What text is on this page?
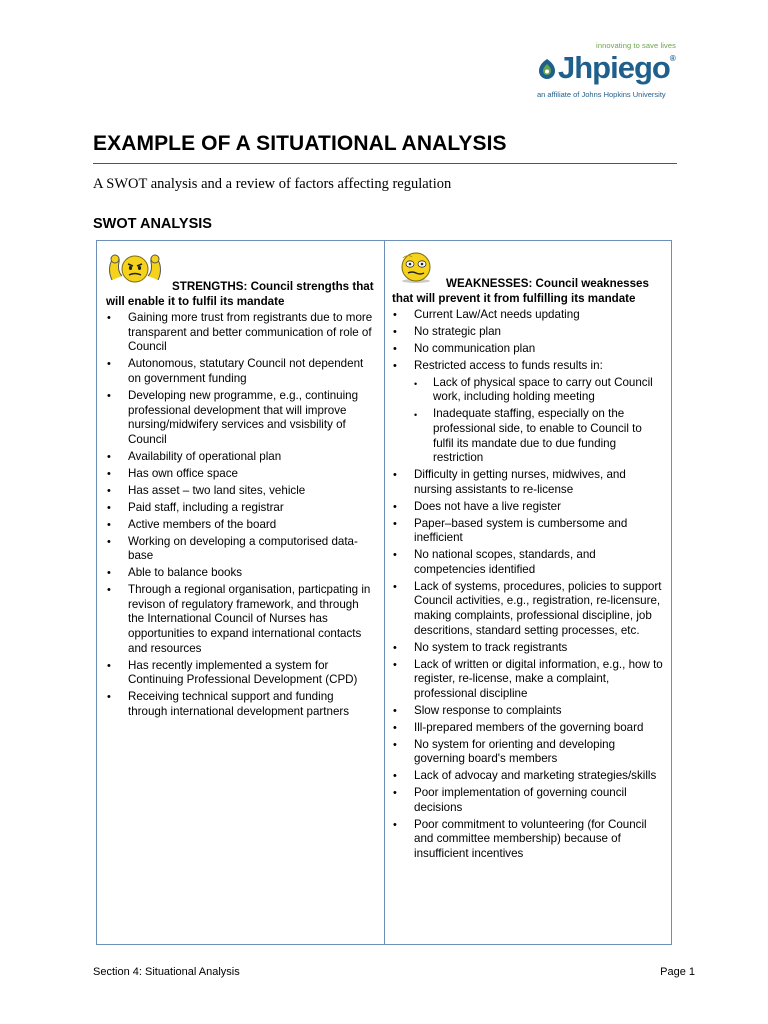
innovating to save lives
Jhpiego®
an affiliate of Johns Hopkins University
EXAMPLE OF A SITUATIONAL ANALYSIS
A SWOT analysis and a review of factors affecting regulation
SWOT ANALYSIS

STRENGTHS: Council strengths that will enable it to fulfil its mandate

• Gaining more trust from registrants due to more transparent and better communication of role of Council
• Autonomous, statutary Council not dependent on government funding
• Developing new programme, e.g., continuing professional development that will improve nursing/midwifery services and vsisbility of Council
• Availability of operational plan
• Has own office space
• Has asset – two land sites, vehicle
• Paid staff, including a registrar
• Active members of the board
• Working on developing a computorised data-base
• Able to balance books
• Through a regional organisation, particpating in revison of regulatory framework, and through the International Council of Nurses has opportunities to expand international contacts and resources
• Has recently implemented a system for Continuing Professional Development (CPD)
• Receiving technical support and funding through international development partners

WEAKNESSES: Council weaknesses that will prevent it from fulfilling its mandate

• Current Law/Act needs updating
• No strategic plan
• No communication plan
• Restricted access to funds results in:
• Lack of physical space to carry out Council work, including holding meeting
• Inadequate staffing, especially on the professional side, to enable to Council to fulfil its mandate due to due funding restriction
• Difficulty in getting nurses, midwives, and nursing assistants to re-license
• Does not have a live register
• Paper–based system is cumbersome and inefficient
• No national scopes, standards, and competencies identified
• Lack of systems, procedures, policies to support Council activities, e.g., registration, re-licensure, making complaints, professional discipline, job descritions, standard setting processes, etc.
• No system to track registrants
• Lack of written or digital information, e.g., how to register, re-license, make a complaint, professional discipline
• Slow response to complaints
• Ill-prepared members of the governing board
• No system for orienting and developing governing board's members
• Lack of advocay and marketing strategies/skills
• Poor implementation of governing council decisions
• Poor commitment to volunteering (for Council and committee membership) because of insufficient incentives
Section 4: Situational Analysis	Page 1
